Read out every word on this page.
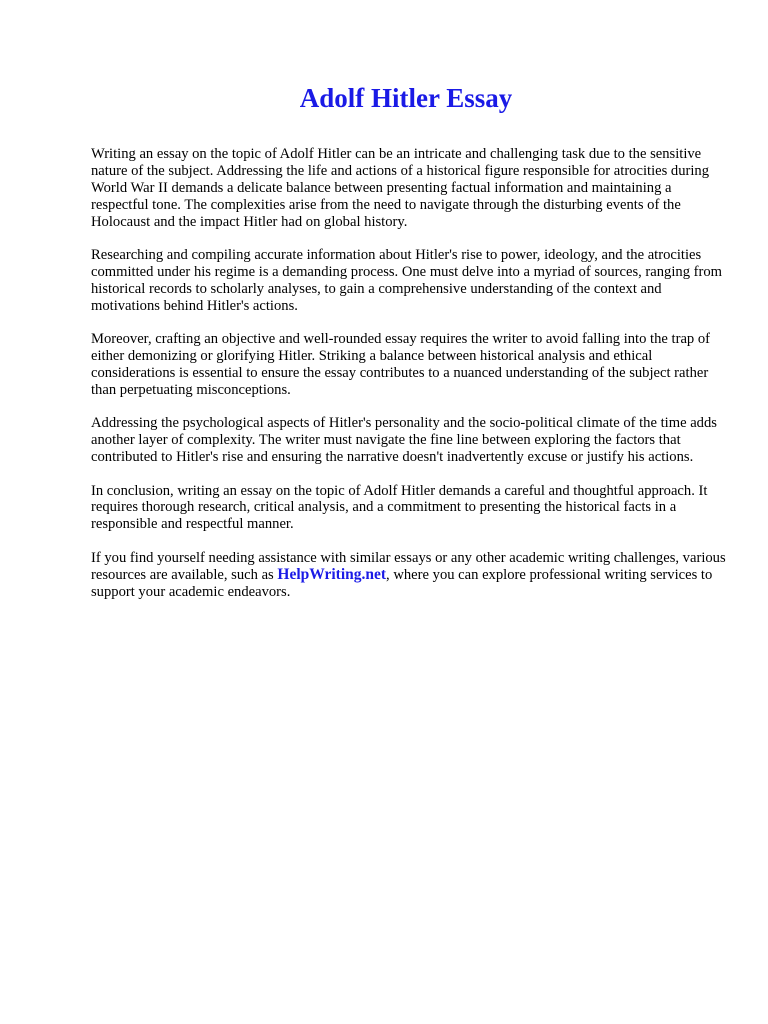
Adolf Hitler Essay

Writing an essay on the topic of Adolf Hitler can be an intricate and challenging task due to the sensitive nature of the subject. Addressing the life and actions of a historical figure responsible for atrocities during World War II demands a delicate balance between presenting factual information and maintaining a respectful tone. The complexities arise from the need to navigate through the disturbing events of the Holocaust and the impact Hitler had on global history.

Researching and compiling accurate information about Hitler's rise to power, ideology, and the atrocities committed under his regime is a demanding process. One must delve into a myriad of sources, ranging from historical records to scholarly analyses, to gain a comprehensive understanding of the context and motivations behind Hitler's actions.

Moreover, crafting an objective and well-rounded essay requires the writer to avoid falling into the trap of either demonizing or glorifying Hitler. Striking a balance between historical analysis and ethical considerations is essential to ensure the essay contributes to a nuanced understanding of the subject rather than perpetuating misconceptions.

Addressing the psychological aspects of Hitler's personality and the socio-political climate of the time adds another layer of complexity. The writer must navigate the fine line between exploring the factors that contributed to Hitler's rise and ensuring the narrative doesn't inadvertently excuse or justify his actions.

In conclusion, writing an essay on the topic of Adolf Hitler demands a careful and thoughtful approach. It requires thorough research, critical analysis, and a commitment to presenting the historical facts in a responsible and respectful manner.

If you find yourself needing assistance with similar essays or any other academic writing challenges, various resources are available, such as HelpWriting.net, where you can explore professional writing services to support your academic endeavors.
